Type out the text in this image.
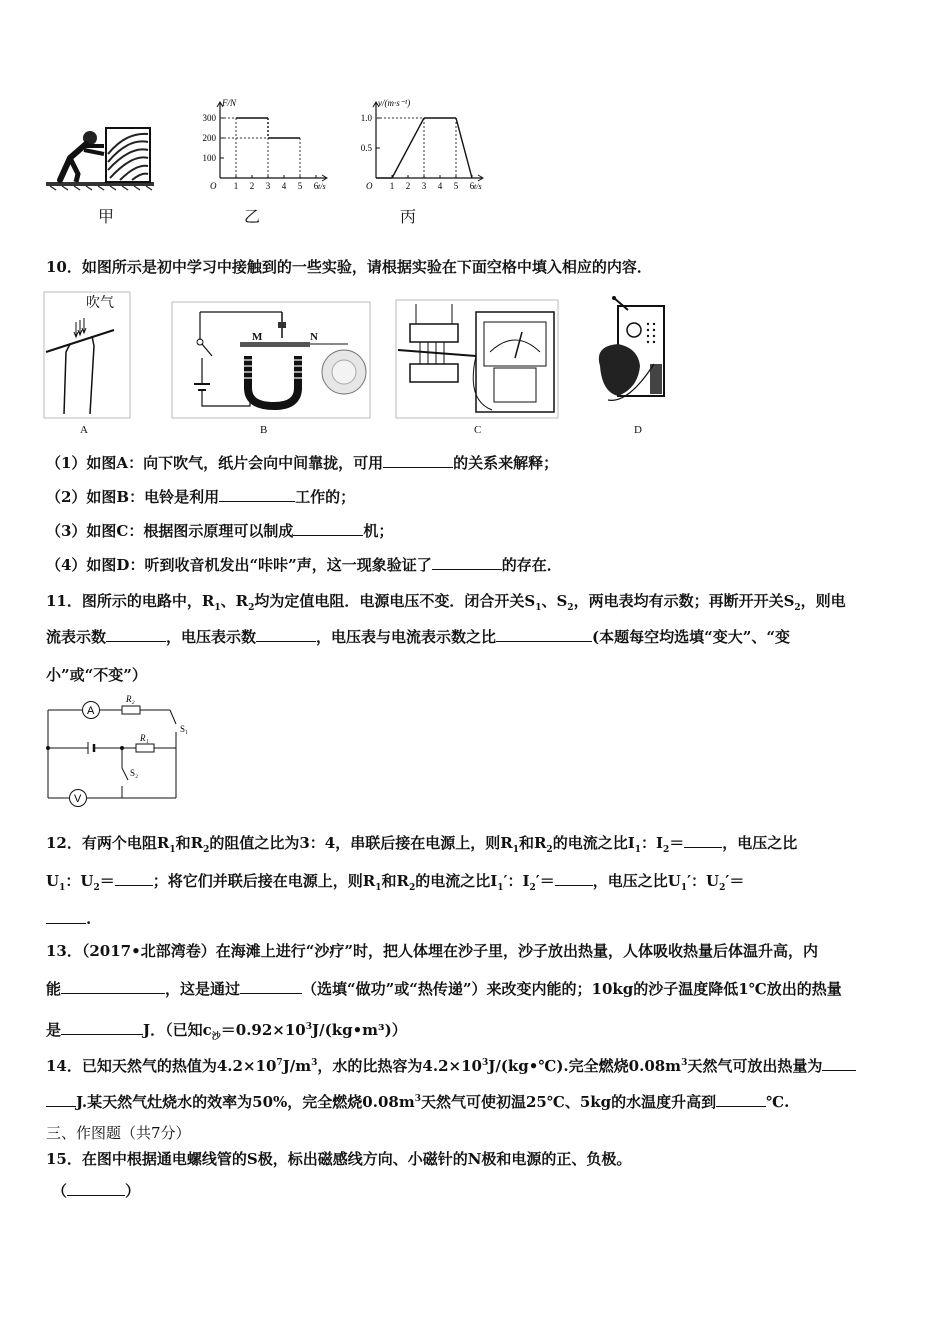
甲
300
200
100
1 2 3 4 5 6
O	t/s
F/N
乙
1.0
0.5
1 2 3 4 5 6
O	t/s
v/(m·s⁻¹)
丙
10．如图所示是初中学习中接触到的一些实验，请根据实验在下面空格中填入相应的内容．
吹气
A
M	N
B	C	D
（1）如图A：向下吹气，纸片会向中间靠拢，可用	的关系来解释；
（2）如图B：电铃是利用	工作的；
（3）如图C：根据图示原理可以制成	机；
（4）如图D：听到收音机发出“咔咔”声，这一现象验证了	的存在．
11．图所示的电路中，$R_1$、$R_2$均为定值电阻．电源电压不变．闭合开关$S_1$、$S_2$，两电表均有示数；再断开开关$S_2$，则电
流表示数	，电压表示数	，电压表与电流表示数之比	(本题每空均选填“变大”、“变
小”或“不变”）
A
V
R₂
R₁
S₁
S₂
12．有两个电阻$R_1$和$R_2$的阻值之比为3：4，串联后接在电源上，则$R_1$和$R_2$的电流之比$I_1$：$I_2=$	，电压之比
$U_1$：$U_2=$	；将它们并联后接在电源上，则$R_1$和$R_2$的电流之比$I_1'$：$I_2'=$	，电压之比$U_1'$：$U_2'=$
.
13．（2017•北部湾卷）在海滩上进行“沙疗”时，把人体埋在沙子里，沙子放出热量，人体吸收热量后体温升高，内
能	，这是通过	（选填“做功”或“热传递”）来改变内能的；10kg的沙子温度降低1℃放出的热量
是	J．（已知$c_沙=0.92\times 10^3J/(kg•m^3)$）
14．已知天然气的热值为$4.2\times 10^7J/m^3$，水的比热容为$4.2\times 10^3J/(kg•℃)$.完全燃烧$0.08m^3$天然气可放出热量为
J.某天然气灶烧水的效率为50%，完全燃烧$0.08m^3$天然气可使初温25℃、5kg的水温度升高到	℃.
三、作图题（共7分）
15．在图中根据通电螺线管的S极，标出磁感线方向、小磁针的N极和电源的正、负极。
（	）
